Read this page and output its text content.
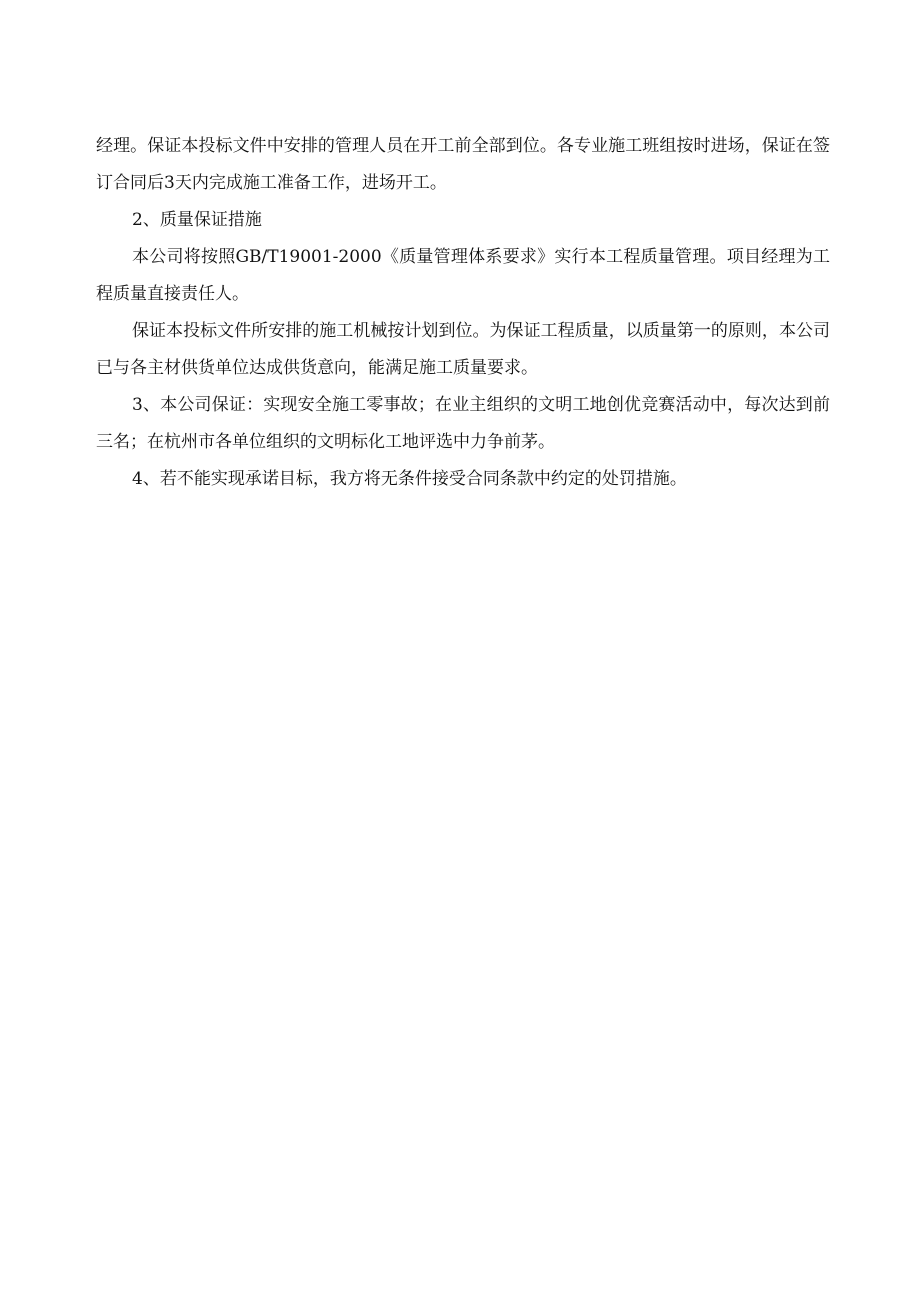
经理。保证本投标文件中安排的管理人员在开工前全部到位。各专业施工班组按时进场，保证在签订合同后3天内完成施工准备工作，进场开工。

2、质量保证措施

本公司将按照GB/T19001-2000《质量管理体系要求》实行本工程质量管理。项目经理为工程质量直接责任人。

保证本投标文件所安排的施工机械按计划到位。为保证工程质量，以质量第一的原则，本公司已与各主材供货单位达成供货意向，能满足施工质量要求。

3、本公司保证：实现安全施工零事故；在业主组织的文明工地创优竞赛活动中，每次达到前三名；在杭州市各单位组织的文明标化工地评选中力争前茅。

4、若不能实现承诺目标，我方将无条件接受合同条款中约定的处罚措施。
